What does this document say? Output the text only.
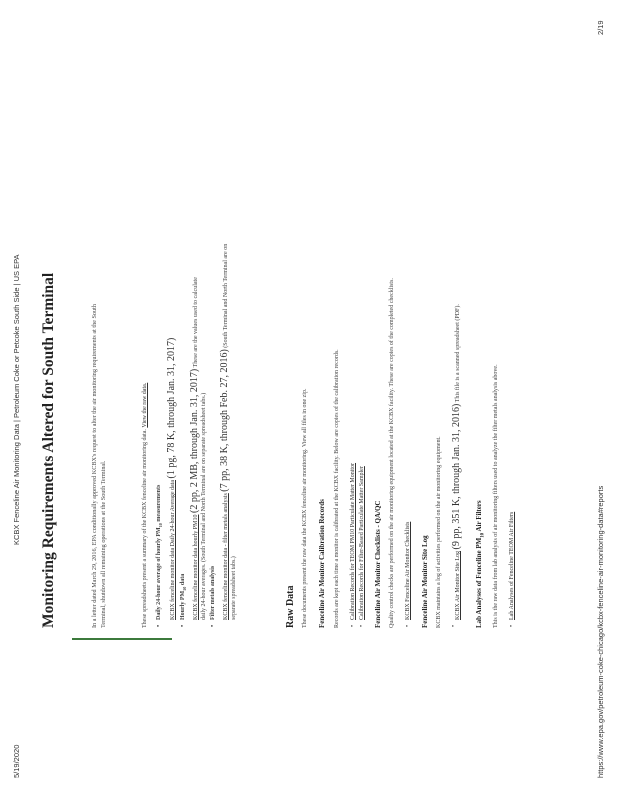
5/19/2020
KCBX Fenceline Air Monitoring Data | Petroleum Coke or Petcoke South Side | US EPA
https://www.epa.gov/petroleum-coke-chicago/kcbx-fenceline-air-monitoring-data#reports
2/19
Monitoring Requirements Altered for South Terminal	In a letter dated March 29, 2016, EPA conditionally approved KCBX's request to alter the air monitoring requirements at the South Terminal, shutdown all remaining operations at the South Terminal.	These spreadsheets present a summary of the KCBX fenceline air monitoring data. View the raw data.
• Daily 24-hour average of hourly $PM_{10}$ measurements	KCBX fenceline monitor data Daily 24-hour Average data (1 pg, 78 K, through Jan. 31, 2017)
• Hourly $PM_{10}$ data	KCBX fenceline monitor data hourly PM10 (2 pp, 2 MB, through Jan. 31, 2017) These are the values used to calculate
daily 24-hour averages. (South Terminal and North Terminal are on separate spreadsheet tabs.) • Filter metals analysis	KCBX fenceline monitor data - filter metals analysis (7 pp, 38 K, through Feb. 27, 2016) (South Terminal and North Terminal are on
separate spreadsheet tabs.)	Raw Data These documents present the raw data the KCBX fenceline air monitoring. View all files in one zip. Fenceline Air Monitor Calibration Records Records are kept each time a monitor is calibrated at the KCBX facility. Below are copies of the calibration records. • Calibration Records for TEOM PM10 Particulate Matter Monitor • Calibration Records for Filter-Based Particulate Matter Sampler Fenceline Air Monitor Checklists - QA/QC Quality control checks are performed on the air monitoring equipment located at the KCBX facility. These are copies of the completed checklists. • KCBX Fenceline Air Monitor Checklists Fenceline Air Monitor Site Log KCBX maintains a log of activities performed on the air monitoring equipment.	• KCBX Air Monitor Site Log (9 pp, 351 K, through Jan. 31, 2016) This file is a scanned spreadsheet (PDF).
Lab Analyses of Fenceline $PM_{10}$ Air Filters	This is the raw data from lab analysis of air monitoring filters used to analyze the filter metals analysis above. • Lab Analyses of Fenceline TEOM Air Filters
